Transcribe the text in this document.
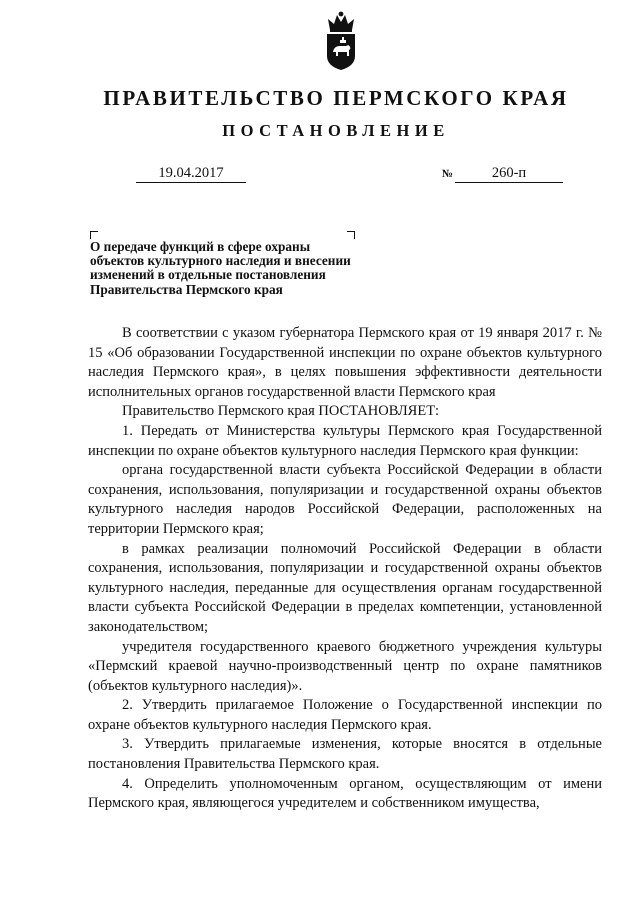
ПРАВИТЕЛЬСТВО ПЕРМСКОГО КРАЯ
ПОСТАНОВЛЕНИЕ
19.04.2017	№	260-п
О передаче функций в сфере охраны
объектов культурного наследия и внесении
изменений в отдельные постановления
Правительства Пермского края

В соответствии с указом губернатора Пермского края от 19 января 2017 г. № 15 «Об образовании Государственной инспекции по охране объектов культурного наследия Пермского края», в целях повышения эффективности деятельности исполнительных органов государственной власти Пермского края

Правительство Пермского края ПОСТАНОВЛЯЕТ:

1. Передать от Министерства культуры Пермского края Государственной инспекции по охране объектов культурного наследия Пермского края функции:

органа государственной власти субъекта Российской Федерации в области сохранения, использования, популяризации и государственной охраны объектов культурного наследия народов Российской Федерации, расположенных на территории Пермского края;

в рамках реализации полномочий Российской Федерации в области сохранения, использования, популяризации и государственной охраны объектов культурного наследия, переданные для осуществления органам государственной власти субъекта Российской Федерации в пределах компетенции, установленной законодательством;

учредителя государственного краевого бюджетного учреждения культуры «Пермский краевой научно-производственный центр по охране памятников (объектов культурного наследия)».

2. Утвердить прилагаемое Положение о Государственной инспекции по охране объектов культурного наследия Пермского края.

3. Утвердить прилагаемые изменения, которые вносятся в отдельные постановления Правительства Пермского края.

4. Определить уполномоченным органом, осуществляющим от имени Пермского края, являющегося учредителем и собственником имущества,
